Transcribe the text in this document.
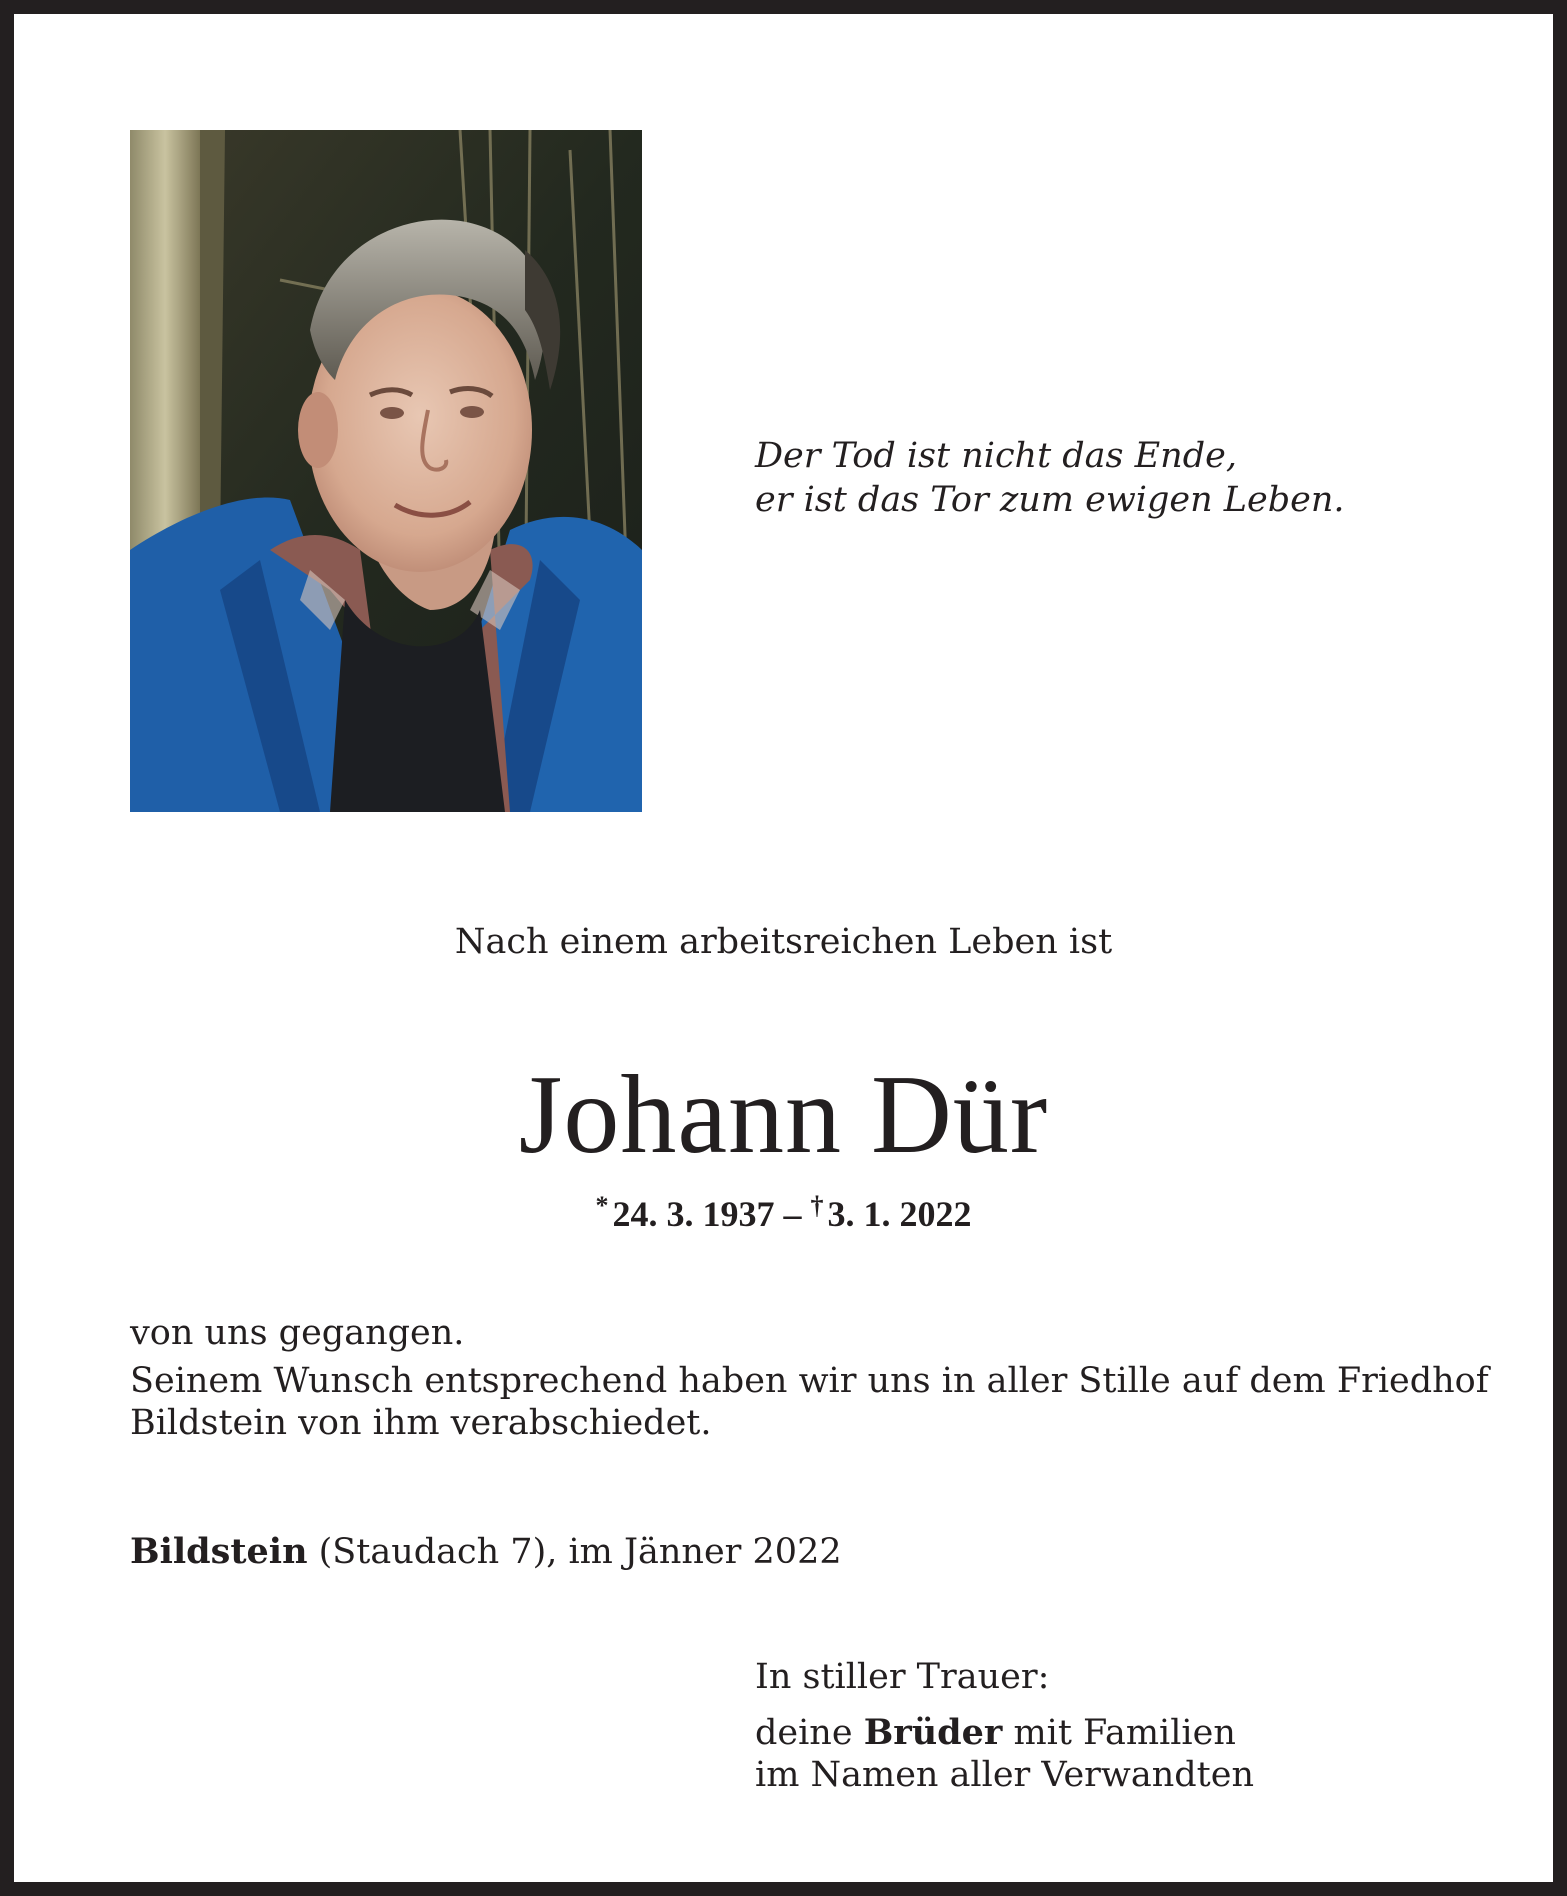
Der Tod ist nicht das Ende,
er ist das Tor zum ewigen Leben.
Nach einem arbeitsreichen Leben ist
Johann Dür
* 24. 3. 1937 – † 3. 1. 2022
von uns gegangen.
Seinem Wunsch entsprechend haben wir uns in aller Stille auf dem Friedhof
Bildstein von ihm verabschiedet.
Bildstein (Staudach 7), im Jänner 2022
In stiller Trauer:
deine Brüder mit Familien
im Namen aller Verwandten
